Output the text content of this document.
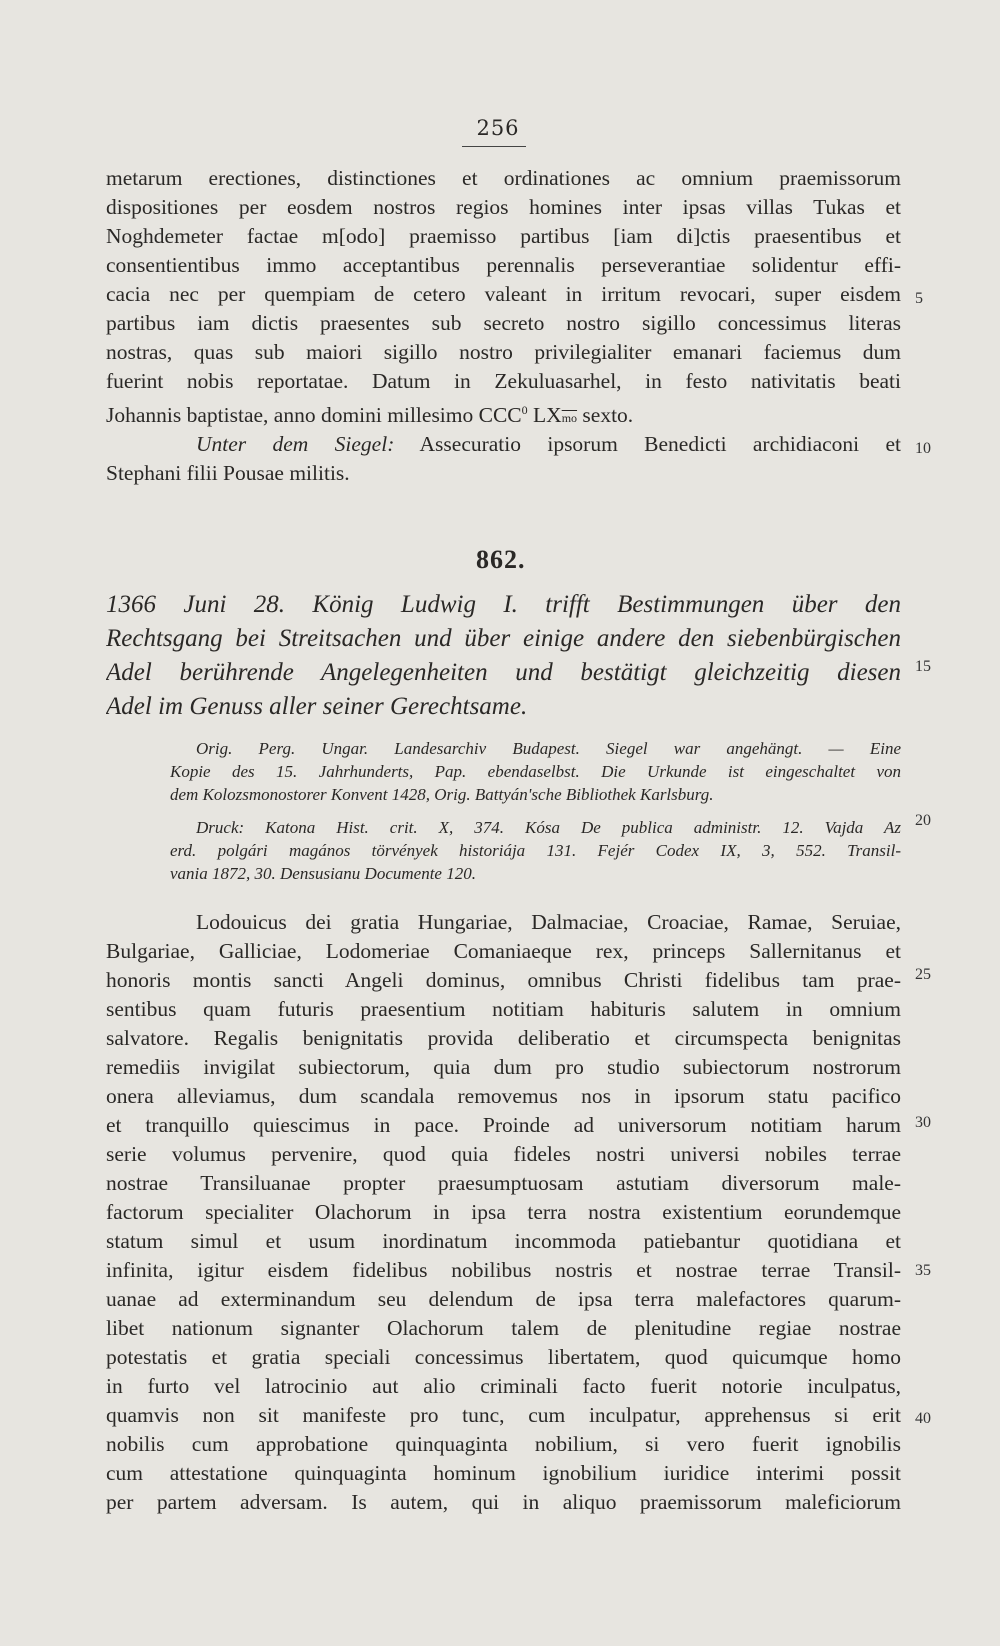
256
metarum erectiones, distinctiones et ordinationes ac omnium praemissorum
dispositiones per eosdem nostros regios homines inter ipsas villas Tukas et
Noghdemeter factae m[odo] praemisso partibus [iam di]ctis praesentibus et
consentientibus immo acceptantibus perennalis perseverantiae solidentur effi-
cacia nec per quempiam de cetero valeant in irritum revocari, super eisdem
partibus iam dictis praesentes sub secreto nostro sigillo concessimus literas
nostras, quas sub maiori sigillo nostro privilegialiter emanari faciemus dum
fuerint nobis reportatae. Datum in Zekuluasarhel, in festo nativitatis beati
Johannis baptistae, anno domini millesimo CCC$^0$ $LX\overline{mo}$ sexto.
Unter dem Siegel: Assecuratio ipsorum Benedicti archidiaconi et
Stephani filii Pousae militis.
862.
1366 Juni 28. König Ludwig I. trifft Bestimmungen über den
Rechtsgang bei Streitsachen und über einige andere den siebenbürgischen
Adel berührende Angelegenheiten und bestätigt gleichzeitig diesen
Adel im Genuss aller seiner Gerechtsame.
Orig. Perg. Ungar. Landesarchiv Budapest. Siegel war angehängt. — Eine
Kopie des 15. Jahrhunderts, Pap. ebendaselbst. Die Urkunde ist eingeschaltet von
dem Kolozsmonostorer Konvent 1428, Orig. Battyán'sche Bibliothek Karlsburg.
Druck: Katona Hist. crit. X, 374. Kósa De publica administr. 12. Vajda Az
erd. polgári magános törvények historiája 131. Fejér Codex IX, 3, 552. Transil-
vania 1872, 30. Densusianu Documente 120.
Lodouicus dei gratia Hungariae, Dalmaciae, Croaciae, Ramae, Seruiae,
Bulgariae, Galliciae, Lodomeriae Comaniaeque rex, princeps Sallernitanus et
honoris montis sancti Angeli dominus, omnibus Christi fidelibus tam prae-
sentibus quam futuris praesentium notitiam habituris salutem in omnium
salvatore. Regalis benignitatis provida deliberatio et circumspecta benignitas
remediis invigilat subiectorum, quia dum pro studio subiectorum nostrorum
onera alleviamus, dum scandala removemus nos in ipsorum statu pacifico
et tranquillo quiescimus in pace. Proinde ad universorum notitiam harum
serie volumus pervenire, quod quia fideles nostri universi nobiles terrae
nostrae Transiluanae propter praesumptuosam astutiam diversorum male-
factorum specialiter Olachorum in ipsa terra nostra existentium eorundemque
statum simul et usum inordinatum incommoda patiebantur quotidiana et
infinita, igitur eisdem fidelibus nobilibus nostris et nostrae terrae Transil-
uanae ad exterminandum seu delendum de ipsa terra malefactores quarum-
libet nationum signanter Olachorum talem de plenitudine regiae nostrae
potestatis et gratia speciali concessimus libertatem, quod quicumque homo
in furto vel latrocinio aut alio criminali facto fuerit notorie inculpatus,
quamvis non sit manifeste pro tunc, cum inculpatur, apprehensus si erit
nobilis cum approbatione quinquaginta nobilium, si vero fuerit ignobilis
cum attestatione quinquaginta hominum ignobilium iuridice interimi possit
per partem adversam. Is autem, qui in aliquo praemissorum maleficiorum
5
10
15
20
25
30
35
40
